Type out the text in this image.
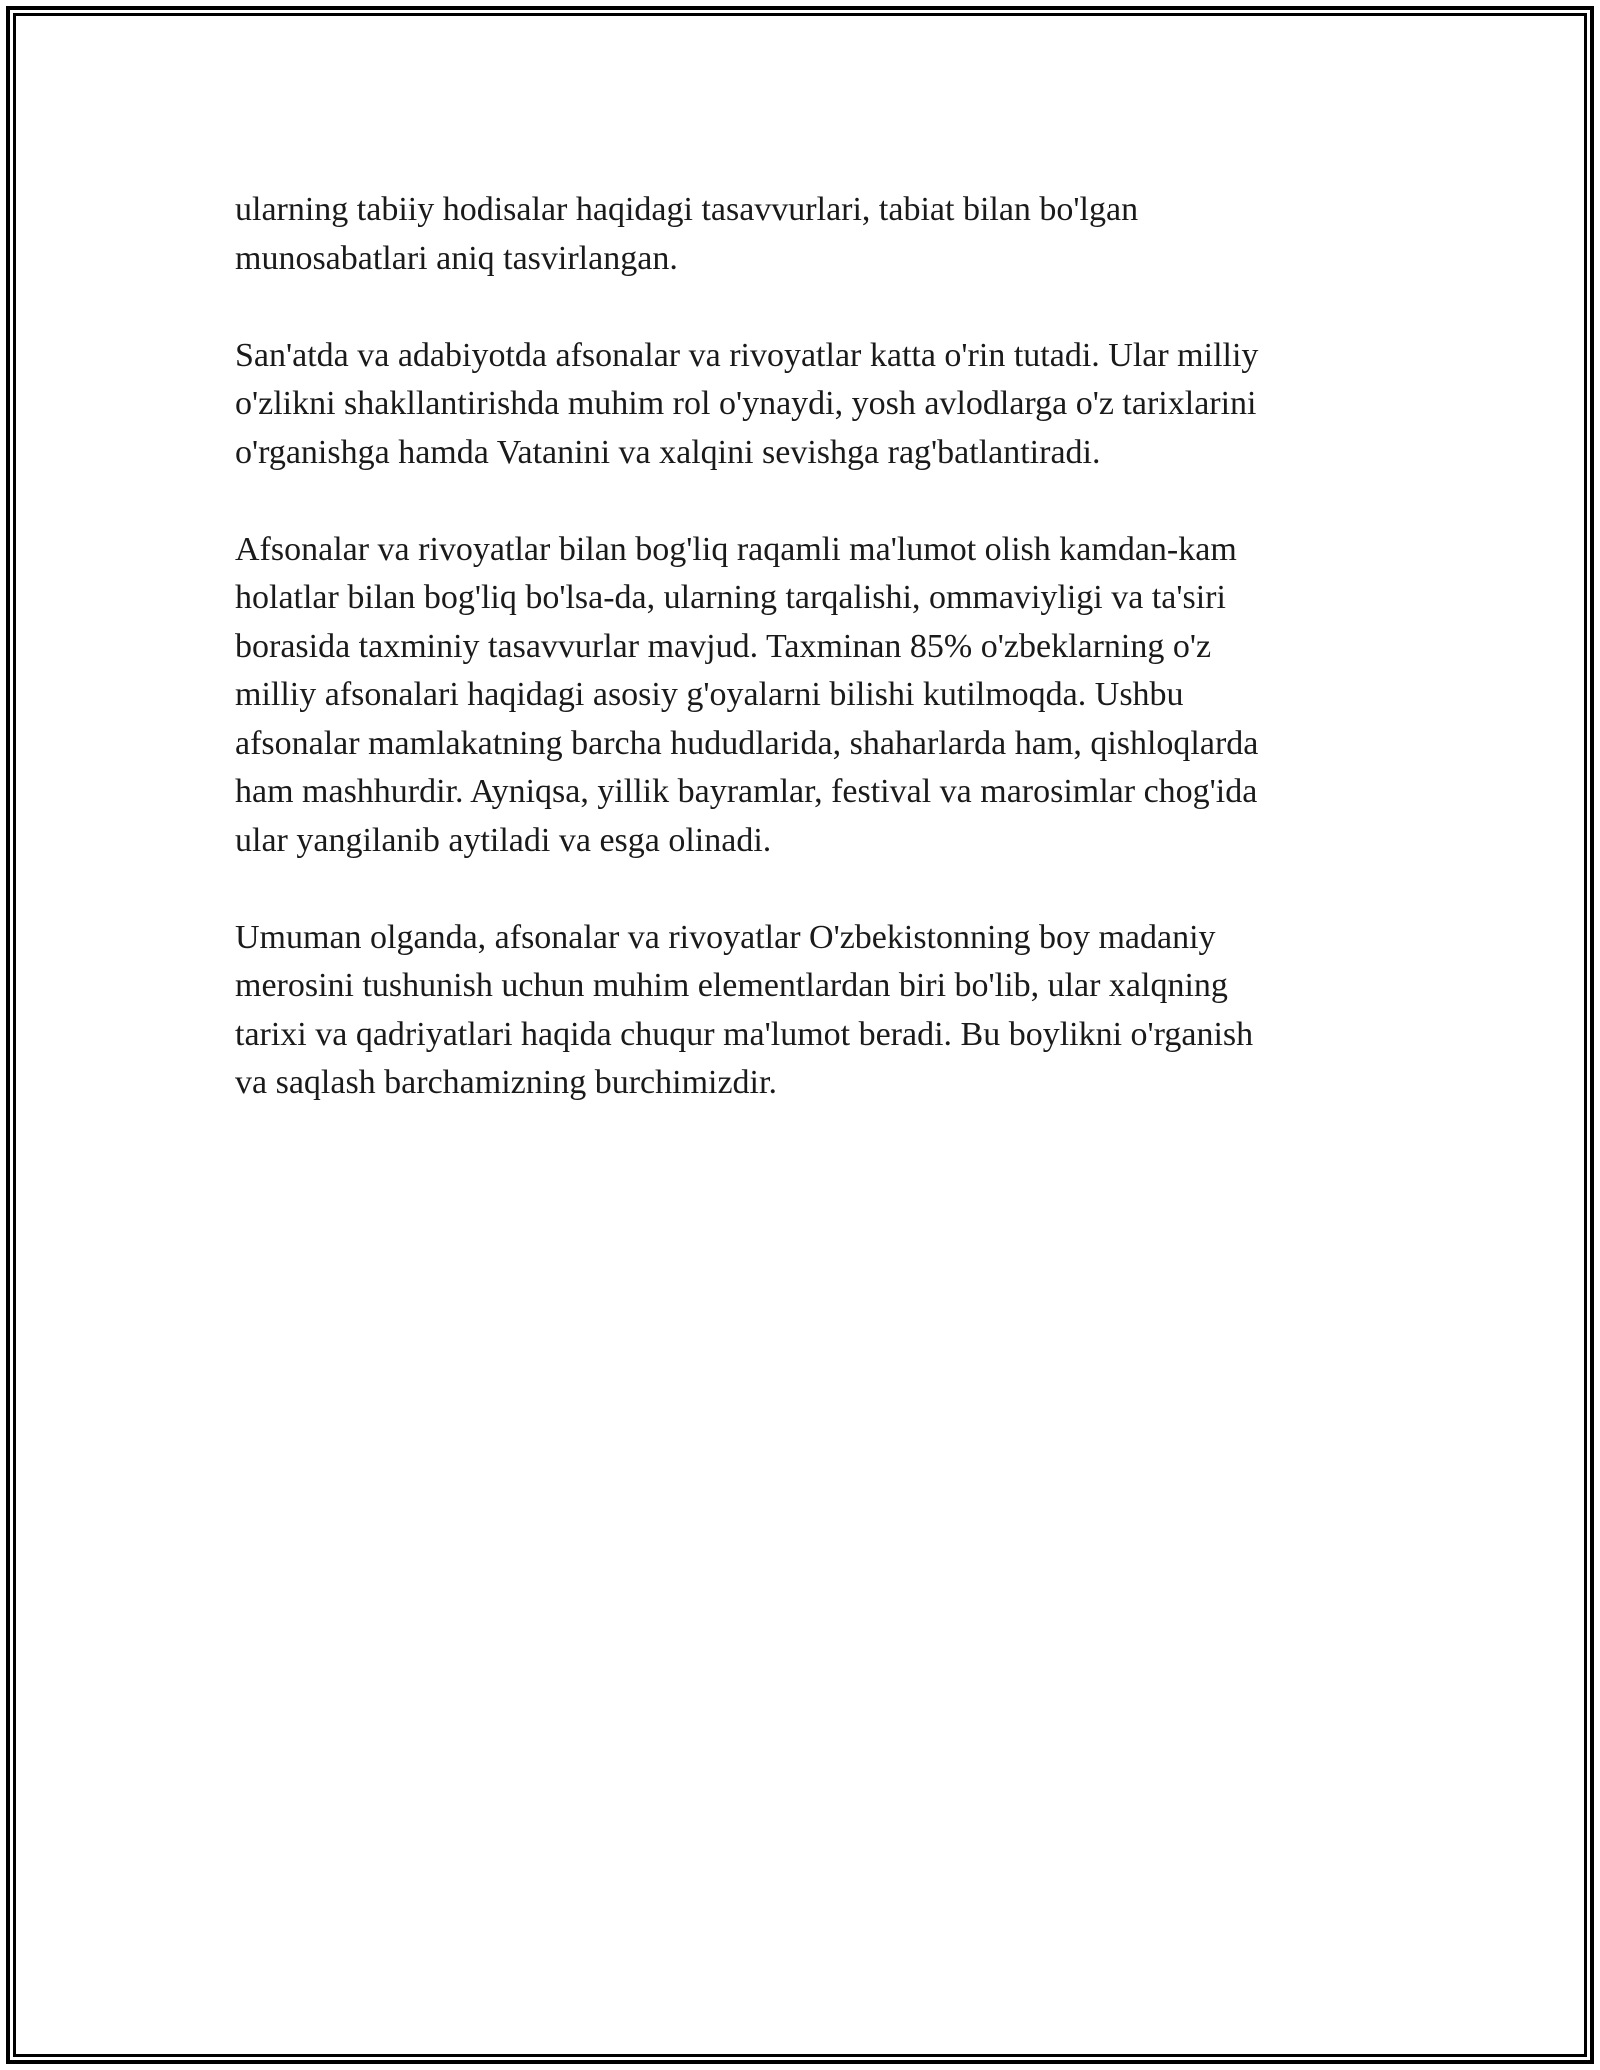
ularning tabiiy hodisalar haqidagi tasavvurlari, tabiat bilan bo'lgan
munosabatlari aniq tasvirlangan.

San'atda va adabiyotda afsonalar va rivoyatlar katta o'rin tutadi. Ular milliy
o'zlikni shakllantirishda muhim rol o'ynaydi, yosh avlodlarga o'z tarixlarini
o'rganishga hamda Vatanini va xalqini sevishga rag'batlantiradi.

Afsonalar va rivoyatlar bilan bog'liq raqamli ma'lumot olish kamdan-kam
holatlar bilan bog'liq bo'lsa-da, ularning tarqalishi, ommaviyligi va ta'siri
borasida taxminiy tasavvurlar mavjud. Taxminan 85% o'zbeklarning o'z
milliy afsonalari haqidagi asosiy g'oyalarni bilishi kutilmoqda. Ushbu
afsonalar mamlakatning barcha hududlarida, shaharlarda ham, qishloqlarda
ham mashhurdir. Ayniqsa, yillik bayramlar, festival va marosimlar chog'ida
ular yangilanib aytiladi va esga olinadi.

Umuman olganda, afsonalar va rivoyatlar O'zbekistonning boy madaniy
merosini tushunish uchun muhim elementlardan biri bo'lib, ular xalqning
tarixi va qadriyatlari haqida chuqur ma'lumot beradi. Bu boylikni o'rganish
va saqlash barchamizning burchimizdir.
